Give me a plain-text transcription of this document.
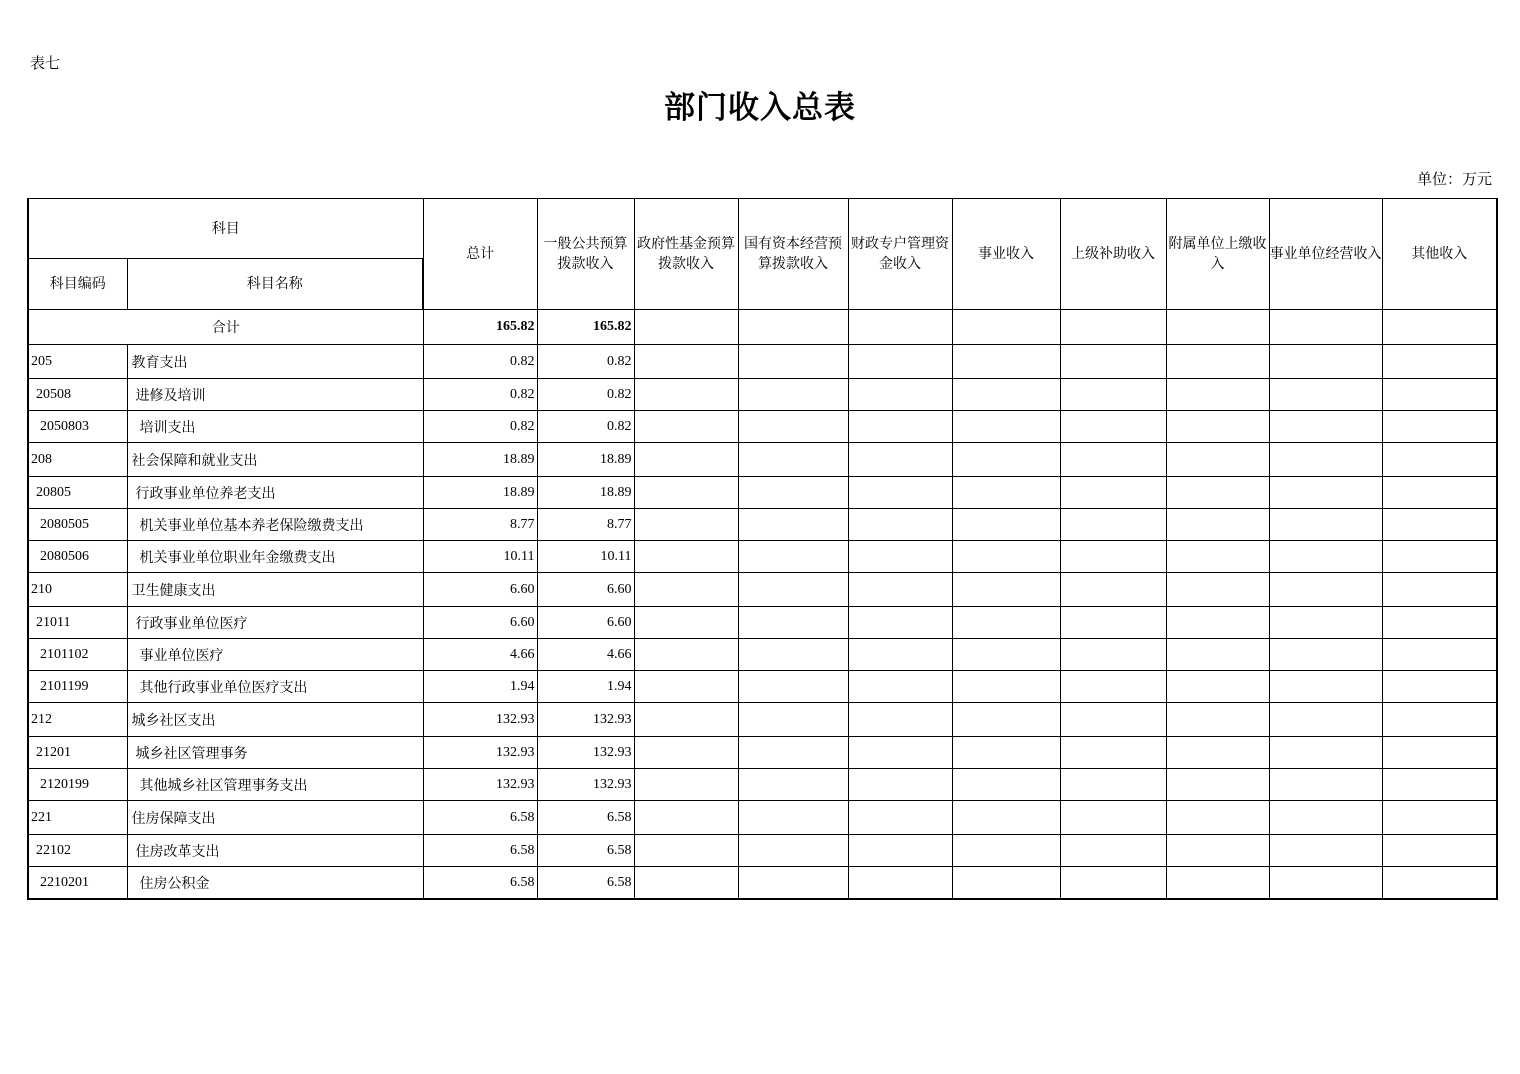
表七
部门收入总表
单位：万元
科目		总计	一般公共预算拨款收入	政府性基金预算拨款收入	国有资本经营预算拨款收入	财政专户管理资金收入	事业收入	上级补助收入	附属单位上缴收入	事业单位经营收入	其他收入
科目编码	科目名称										
合计		165.82	165.82								
205	教育支出	0.82	0.82								
20508	进修及培训	0.82	0.82								
2050803	培训支出	0.82	0.82								
208	社会保障和就业支出	18.89	18.89								
20805	行政事业单位养老支出	18.89	18.89								
2080505	机关事业单位基本养老保险缴费支出	8.77	8.77								
2080506	机关事业单位职业年金缴费支出	10.11	10.11								
210	卫生健康支出	6.60	6.60								
21011	行政事业单位医疗	6.60	6.60								
2101102	事业单位医疗	4.66	4.66								
2101199	其他行政事业单位医疗支出	1.94	1.94								
212	城乡社区支出	132.93	132.93								
21201	城乡社区管理事务	132.93	132.93								
2120199	其他城乡社区管理事务支出	132.93	132.93								
221	住房保障支出	6.58	6.58								
22102	住房改革支出	6.58	6.58								
2210201	住房公积金	6.58	6.58								
